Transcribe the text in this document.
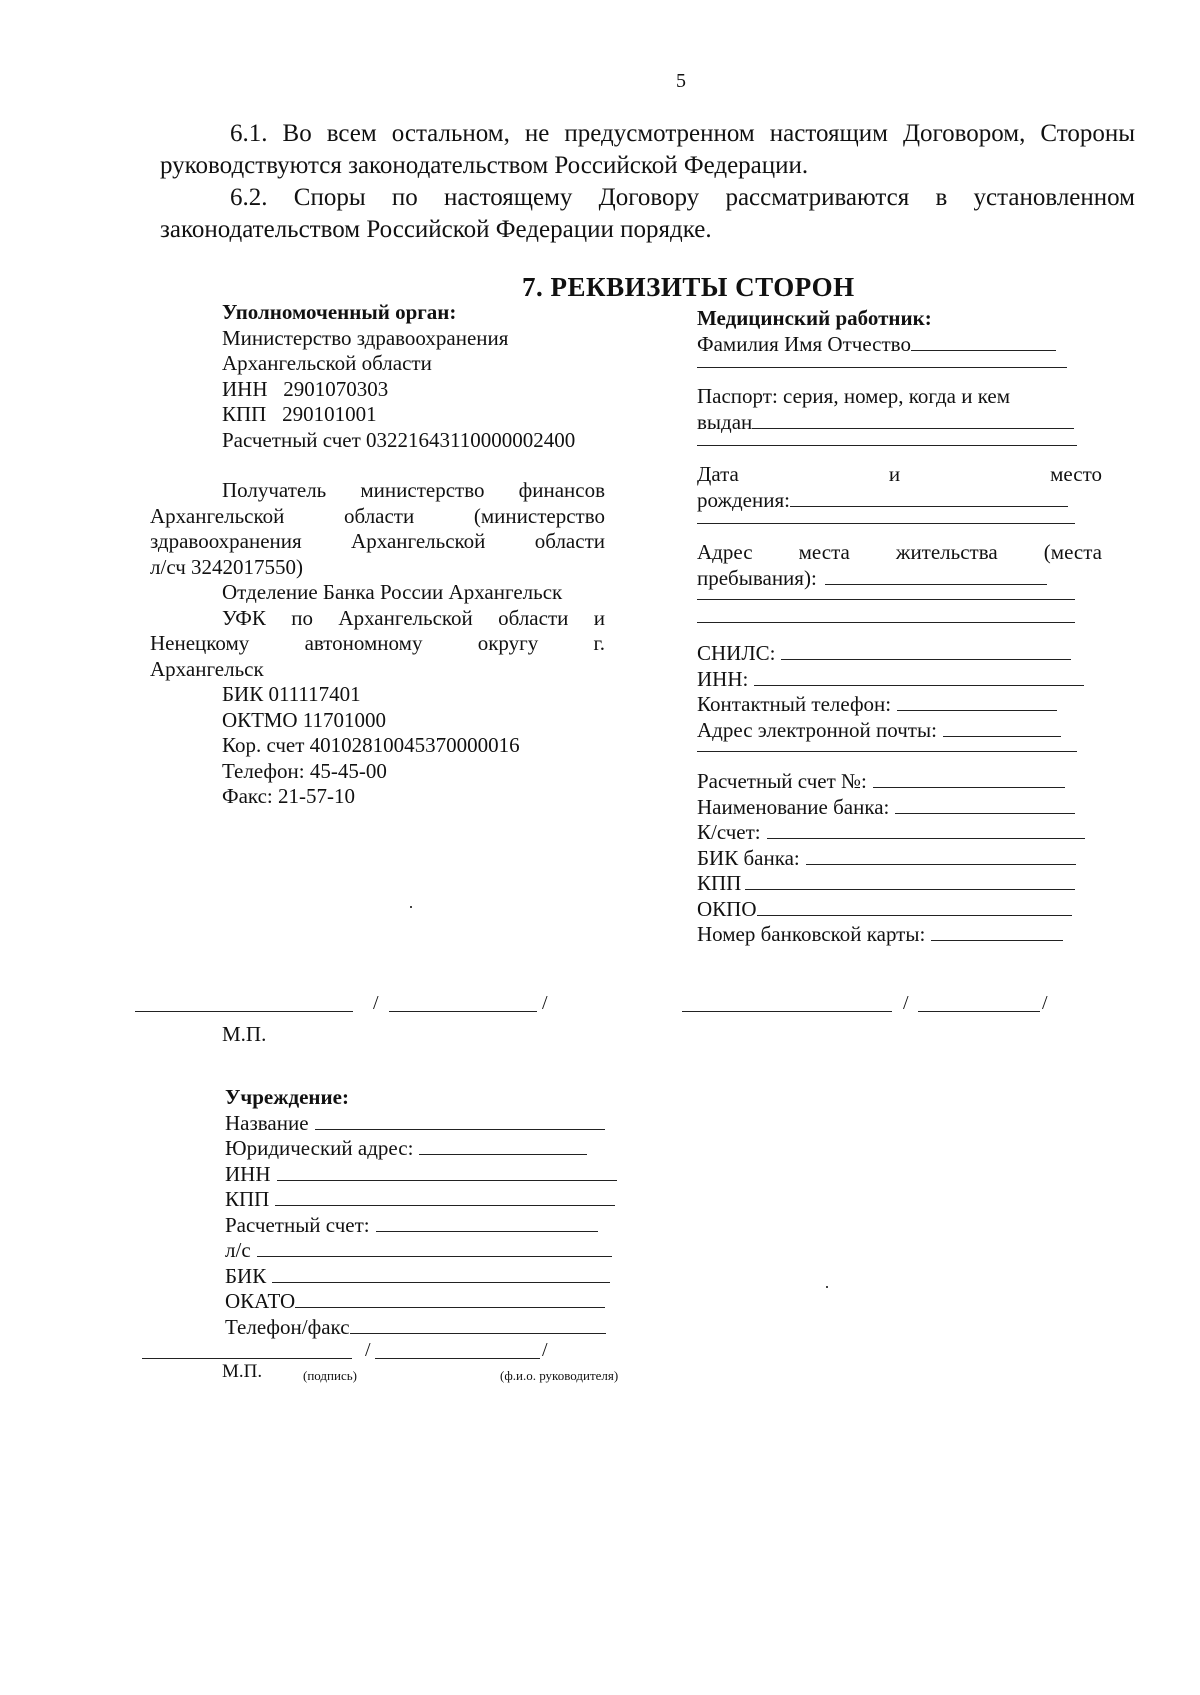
5
6.1. Во всем остальном, не предусмотренном настоящим Договором, Стороны
руководствуются законодательством Российской Федерации.
6.2. Споры по настоящему Договору рассматриваются в установленном
законодательством Российской Федерации порядке.
7. РЕКВИЗИТЫ СТОРОН
Уполномоченный орган:
Министерство здравоохранения
Архангельской области
ИНН   2901070303
КПП   290101001
Расчетный счет 03221643110000002400
Получатель министерство финансов
Архангельской области (министерство
здравоохранения Архангельской области
л/сч 3242017550)
Отделение Банка России Архангельск
УФК по Архангельской области и
Ненецкому автономному округу г.
Архангельск
БИК 011117401
ОКТМО 11701000
Кор. счет 40102810045370000016
Телефон: 45-45-00
Факс: 21-57-10
Медицинский работник:
Фамилия Имя Отчество
Паспорт: серия, номер, когда и кем
выдан
Дата и место
рождения:
Адрес места жительства (места
пребывания):
СНИЛС:
ИНН:
Контактный телефон:
Адрес электронной почты:
Расчетный счет №:
Наименование банка:
К/счет:
БИК банка:
КПП
ОКПО
Номер банковской карты:
/	/
М.П.
/	/
Учреждение:
Название
Юридический адрес:
ИНН
КПП
Расчетный счет:
л/с
БИК
ОКАТО
Телефон/факс
/	/
М.П.	(подпись)	(ф.и.о. руководителя)
